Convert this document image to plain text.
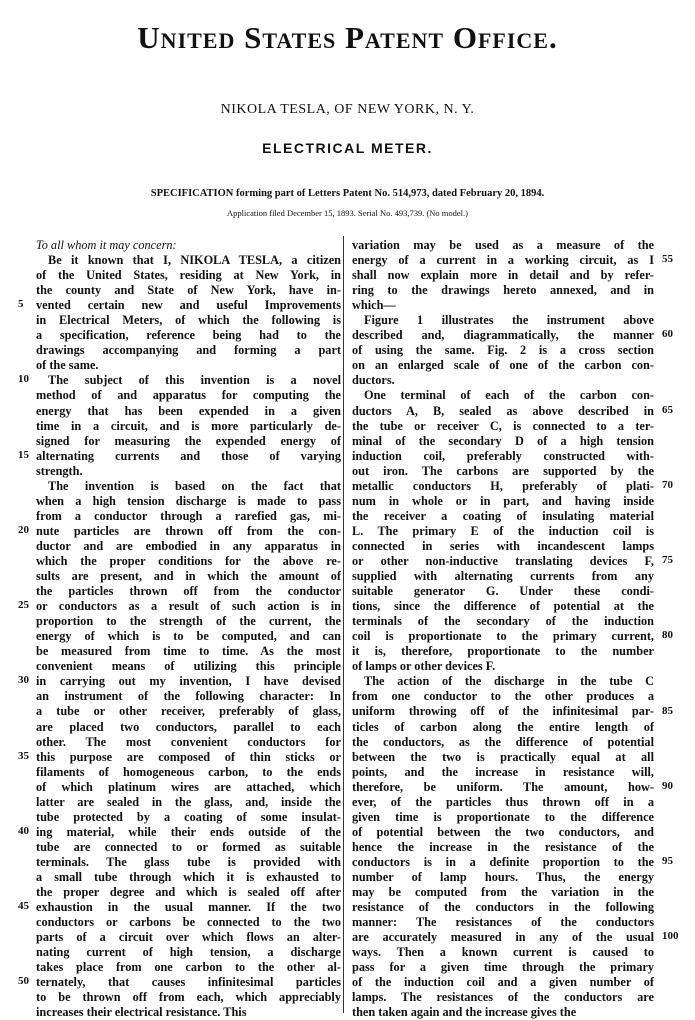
United States Patent Office.

NIKOLA TESLA, OF NEW YORK, N. Y.

ELECTRICAL METER.

SPECIFICATION forming part of Letters Patent No. 514,973, dated February 20, 1894.

Application filed December 15, 1893. Serial No. 493,739. (No model.)

To all whom it may concern:
Be it known that I, NIKOLA TESLA, a citizen
of the United States, residing at New York, in
the county and State of New York, have in-
vented certain new and useful Improvements
in Electrical Meters, of which the following is
a specification, reference being had to the
drawings accompanying and forming a part
of the same.
The subject of this invention is a novel
method of and apparatus for computing the
energy that has been expended in a given
time in a circuit, and is more particularly de-
signed for measuring the expended energy of
alternating currents and those of varying
strength.
The invention is based on the fact that
when a high tension discharge is made to pass
from a conductor through a rarefied gas, mi-
nute particles are thrown off from the con-
ductor and are embodied in any apparatus in
which the proper conditions for the above re-
sults are present, and in which the amount of
the particles thrown off from the conductor
or conductors as a result of such action is in
proportion to the strength of the current, the
energy of which is to be computed, and can
be measured from time to time. As the most
convenient means of utilizing this principle
in carrying out my invention, I have devised
an instrument of the following character: In
a tube or other receiver, preferably of glass,
are placed two conductors, parallel to each
other. The most convenient conductors for
this purpose are composed of thin sticks or
filaments of homogeneous carbon, to the ends
of which platinum wires are attached, which
latter are sealed in the glass, and, inside the
tube protected by a coating of some insulat-
ing material, while their ends outside of the
tube are connected to or formed as suitable
terminals. The glass tube is provided with
a small tube through which it is exhausted to
the proper degree and which is sealed off after
exhaustion in the usual manner. If the two
conductors or carbons be connected to the two
parts of a circuit over which flows an alter-
nating current of high tension, a discharge
takes place from one carbon to the other al-
ternately, that causes infinitesimal particles
to be thrown off from each, which appreciably
increases their electrical resistance. This
variation may be used as a measure of the
energy of a current in a working circuit, as I
shall now explain more in detail and by refer-
ring to the drawings hereto annexed, and in
which—
Figure 1 illustrates the instrument above
described and, diagrammatically, the manner
of using the same. Fig. 2 is a cross section
on an enlarged scale of one of the carbon con-
ductors.
One terminal of each of the carbon con-
ductors A, B, sealed as above described in
the tube or receiver C, is connected to a ter-
minal of the secondary D of a high tension
induction coil, preferably constructed with-
out iron. The carbons are supported by the
metallic conductors H, preferably of plati-
num in whole or in part, and having inside
the receiver a coating of insulating material
L. The primary E of the induction coil is
connected in series with incandescent lamps
or other non-inductive translating devices F,
supplied with alternating currents from any
suitable generator G. Under these condi-
tions, since the difference of potential at the
terminals of the secondary of the induction
coil is proportionate to the primary current,
it is, therefore, proportionate to the number
of lamps or other devices F.
The action of the discharge in the tube C
from one conductor to the other produces a
uniform throwing off of the infinitesimal par-
ticles of carbon along the entire length of
the conductors, as the difference of potential
between the two is practically equal at all
points, and the increase in resistance will,
therefore, be uniform. The amount, how-
ever, of the particles thus thrown off in a
given time is proportionate to the difference
of potential between the two conductors, and
hence the increase in the resistance of the
conductors is in a definite proportion to the
number of lamp hours. Thus, the energy
may be computed from the variation in the
resistance of the conductors in the following
manner: The resistances of the conductors
are accurately measured in any of the usual
ways. Then a known current is caused to
pass for a given time through the primary
of the induction coil and a given number of
lamps. The resistances of the conductors are
then taken again and the increase gives the
5
10
15
20
25
30
35
40
45
50
55
60
65
70
75
80
85
90
95
100
